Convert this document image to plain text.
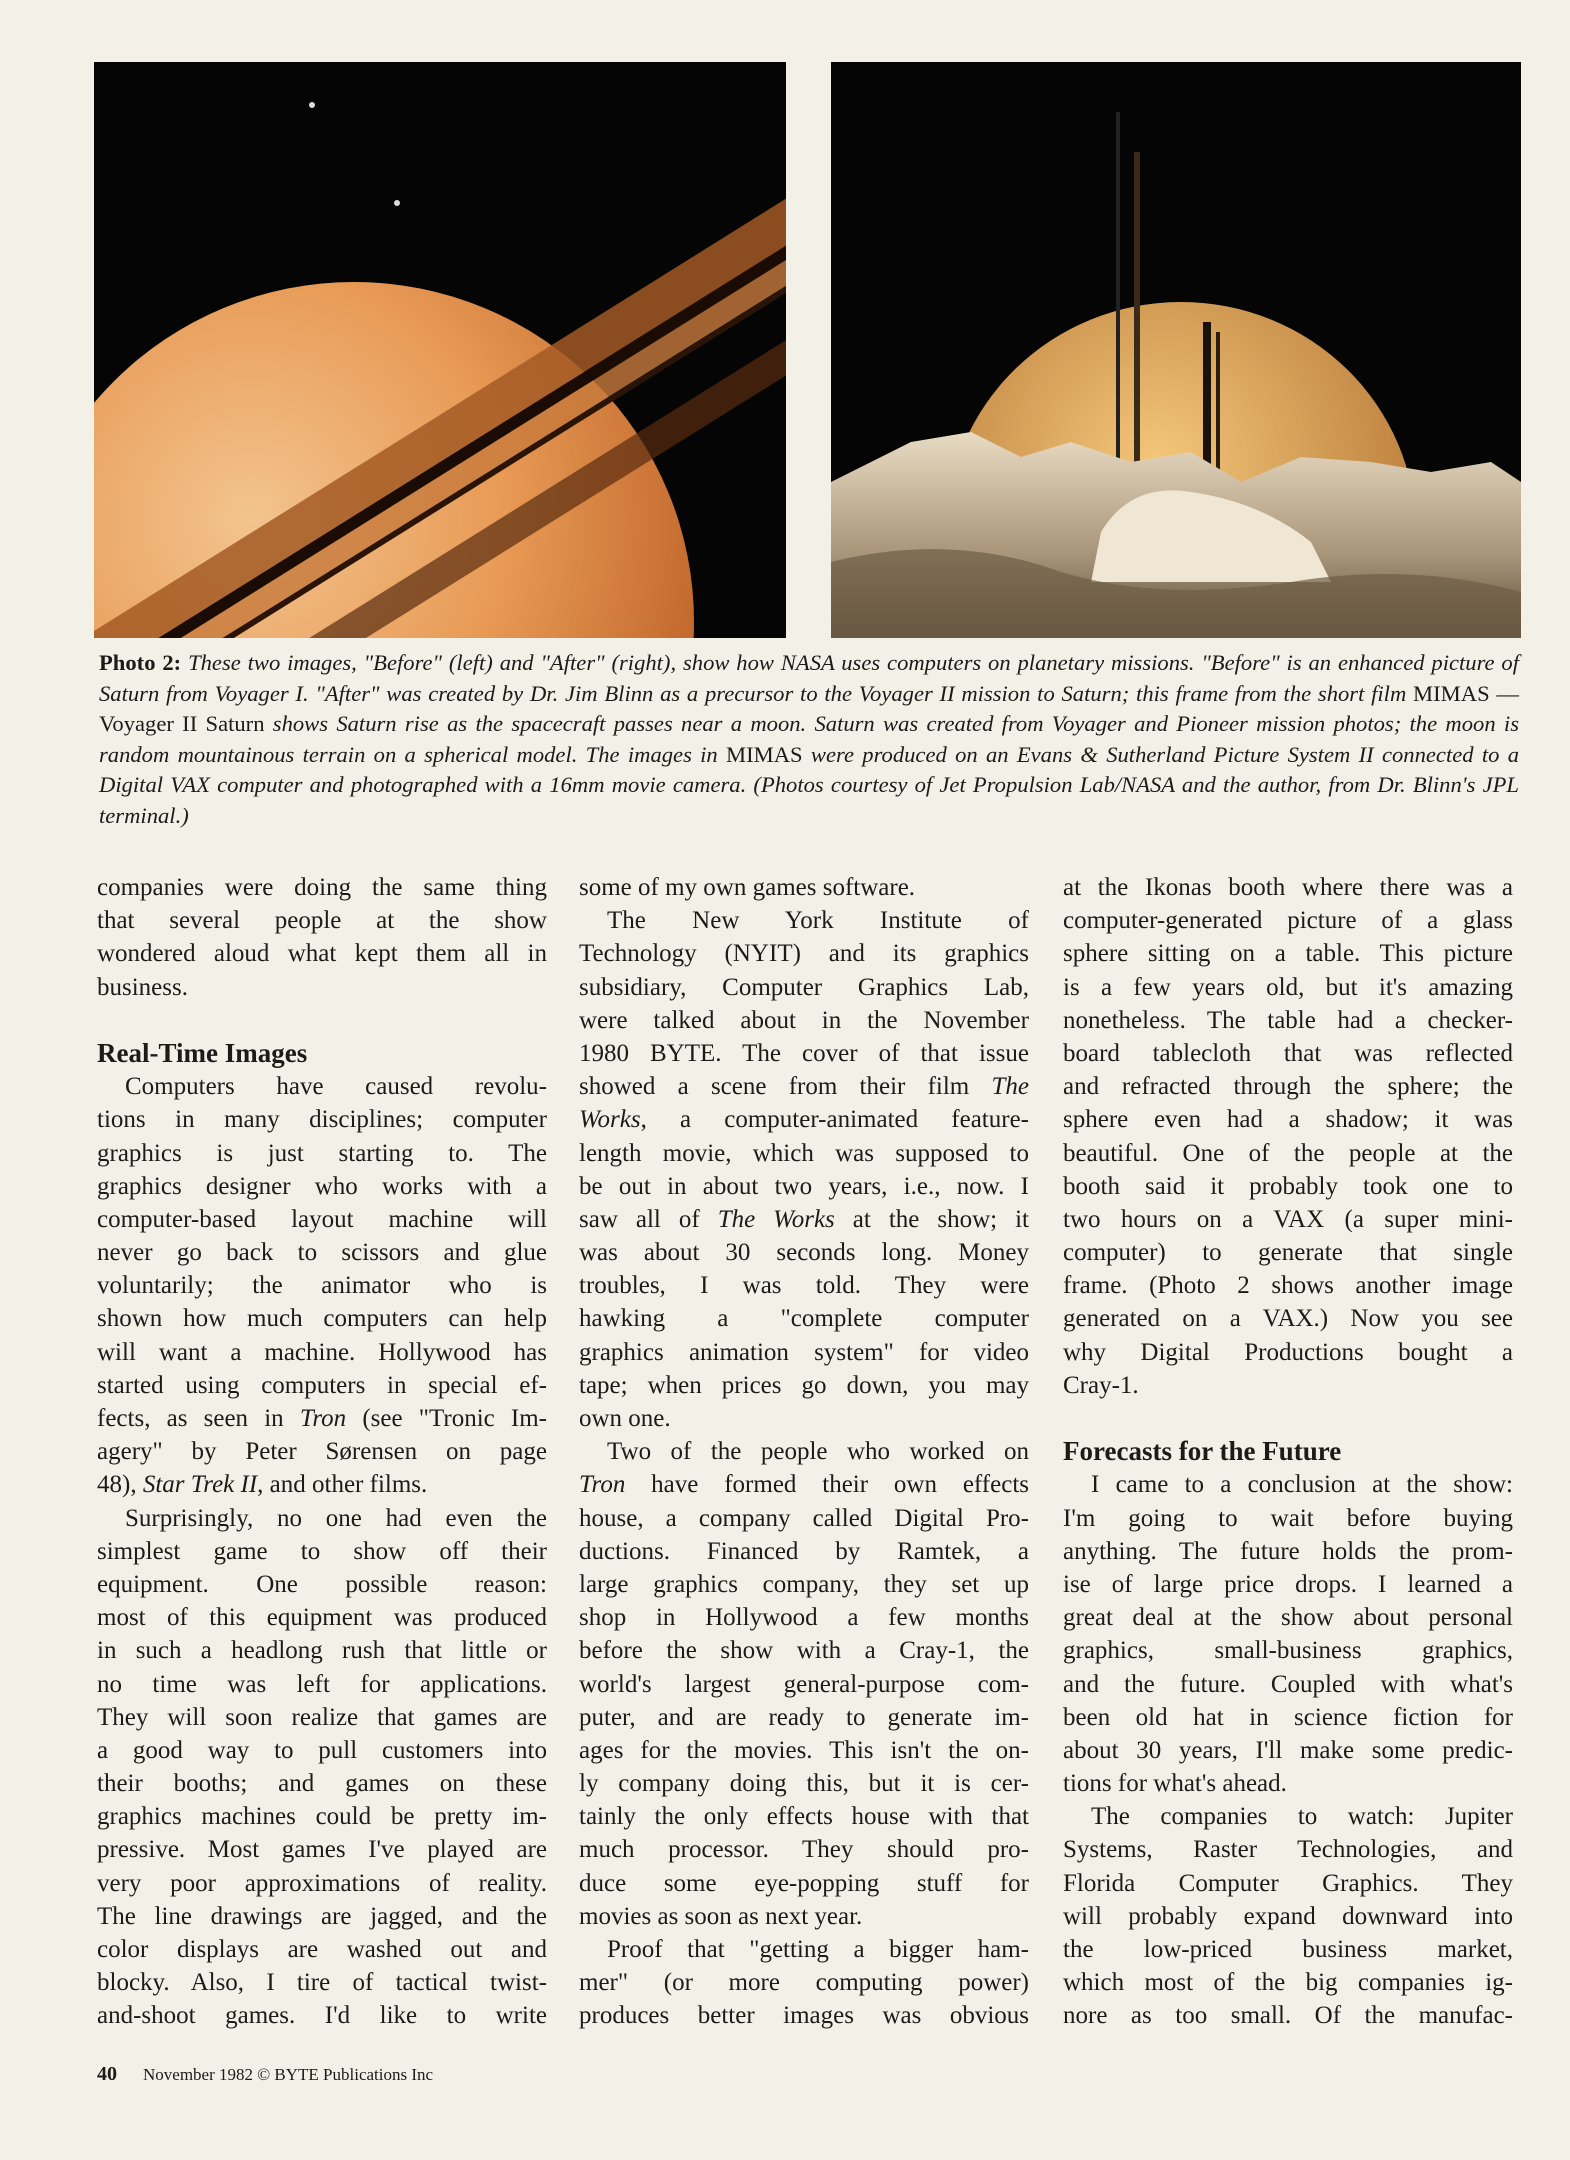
Photo 2: These two images, "Before" (left) and "After" (right), show how NASA uses computers on planetary missions. "Before" is an enhanced picture of Saturn from Voyager I. "After" was created by Dr. Jim Blinn as a precursor to the Voyager II mission to Saturn; this frame from the short film MIMAS — Voyager II Saturn shows Saturn rise as the spacecraft passes near a moon. Saturn was created from Voyager and Pioneer mission photos; the moon is random mountainous terrain on a spherical model. The images in MIMAS were produced on an Evans & Sutherland Picture System II connected to a Digital VAX computer and photographed with a 16mm movie camera. (Photos courtesy of Jet Propulsion Lab/NASA and the author, from Dr. Blinn's JPL terminal.)
companies were doing the same thing
that several people at the show
wondered aloud what kept them all in
business.
Real-Time Images
Computers have caused revolu-
tions in many disciplines; computer
graphics is just starting to. The
graphics designer who works with a
computer-based layout machine will
never go back to scissors and glue
voluntarily; the animator who is
shown how much computers can help
will want a machine. Hollywood has
started using computers in special ef-
fects, as seen in Tron (see "Tronic Im-
agery" by Peter Sørensen on page
48), Star Trek II, and other films.
Surprisingly, no one had even the
simplest game to show off their
equipment. One possible reason:
most of this equipment was produced
in such a headlong rush that little or
no time was left for applications.
They will soon realize that games are
a good way to pull customers into
their booths; and games on these
graphics machines could be pretty im-
pressive. Most games I've played are
very poor approximations of reality.
The line drawings are jagged, and the
color displays are washed out and
blocky. Also, I tire of tactical twist-
and-shoot games. I'd like to write
some of my own games software.
The New York Institute of
Technology (NYIT) and its graphics
subsidiary, Computer Graphics Lab,
were talked about in the November
1980 BYTE. The cover of that issue
showed a scene from their film The
Works, a computer-animated feature-
length movie, which was supposed to
be out in about two years, i.e., now. I
saw all of The Works at the show; it
was about 30 seconds long. Money
troubles, I was told. They were
hawking a "complete computer
graphics animation system" for video
tape; when prices go down, you may
own one.
Two of the people who worked on
Tron have formed their own effects
house, a company called Digital Pro-
ductions. Financed by Ramtek, a
large graphics company, they set up
shop in Hollywood a few months
before the show with a Cray-1, the
world's largest general-purpose com-
puter, and are ready to generate im-
ages for the movies. This isn't the on-
ly company doing this, but it is cer-
tainly the only effects house with that
much processor. They should pro-
duce some eye-popping stuff for
movies as soon as next year.
Proof that "getting a bigger ham-
mer" (or more computing power)
produces better images was obvious
at the Ikonas booth where there was a
computer-generated picture of a glass
sphere sitting on a table. This picture
is a few years old, but it's amazing
nonetheless. The table had a checker-
board tablecloth that was reflected
and refracted through the sphere; the
sphere even had a shadow; it was
beautiful. One of the people at the
booth said it probably took one to
two hours on a VAX (a super mini-
computer) to generate that single
frame. (Photo 2 shows another image
generated on a VAX.) Now you see
why Digital Productions bought a
Cray-1.
Forecasts for the Future
I came to a conclusion at the show:
I'm going to wait before buying
anything. The future holds the prom-
ise of large price drops. I learned a
great deal at the show about personal
graphics, small-business graphics,
and the future. Coupled with what's
been old hat in science fiction for
about 30 years, I'll make some predic-
tions for what's ahead.
The companies to watch: Jupiter
Systems, Raster Technologies, and
Florida Computer Graphics. They
will probably expand downward into
the low-priced business market,
which most of the big companies ig-
nore as too small. Of the manufac-
40 November 1982 © BYTE Publications Inc
